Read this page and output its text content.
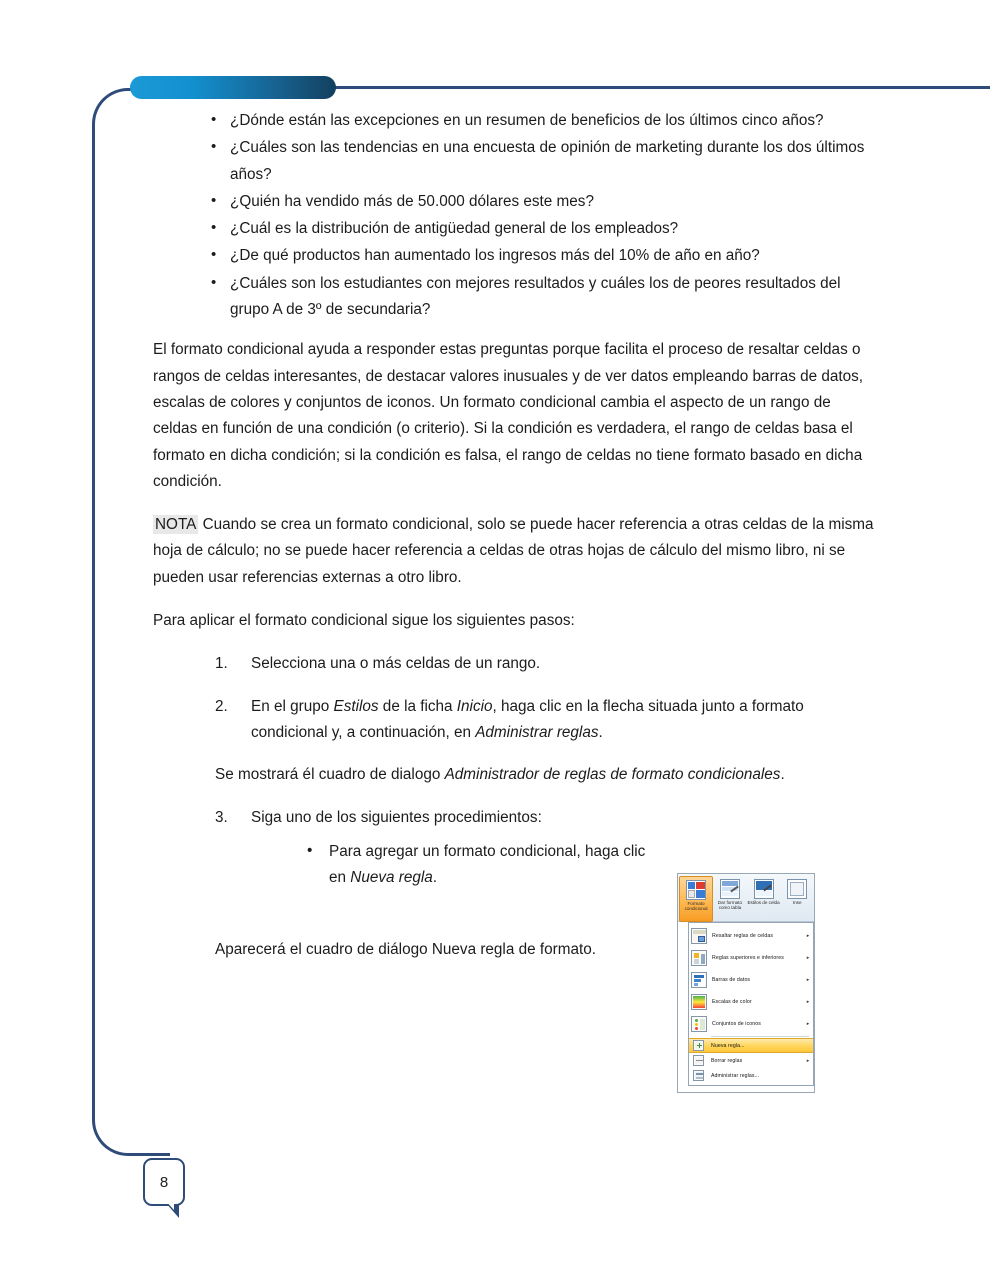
8
• ¿Dónde están las excepciones en un resumen de beneficios de los últimos cinco años?
• ¿Cuáles son las tendencias en una encuesta de opinión de marketing durante los dos últimos años?
• ¿Quién ha vendido más de 50.000 dólares este mes?
• ¿Cuál es la distribución de antigüedad general de los empleados?
• ¿De qué productos han aumentado los ingresos más del 10% de año en año?
• ¿Cuáles son los estudiantes con mejores resultados y cuáles los de peores resultados del grupo A de 3º de secundaria?

El formato condicional ayuda a responder estas preguntas porque facilita el proceso de resaltar celdas o rangos de celdas interesantes, de destacar valores inusuales y de ver datos empleando barras de datos, escalas de colores y conjuntos de iconos. Un formato condicional cambia el aspecto de un rango de celdas en función de una condición (o criterio). Si la condición es verdadera, el rango de celdas basa el formato en dicha condición; si la condición es falsa, el rango de celdas no tiene formato basado en dicha condición.

NOTA Cuando se crea un formato condicional, solo se puede hacer referencia a otras celdas de la misma hoja de cálculo; no se puede hacer referencia a celdas de otras hojas de cálculo del mismo libro, ni se pueden usar referencias externas a otro libro.

Para aplicar el formato condicional sigue los siguientes pasos:

Selecciona una o más celdas de un rango.
En el grupo Estilos de la ficha Inicio, haga clic en la flecha situada junto a formato condicional y, a continuación, en Administrar reglas.

Se mostrará él cuadro de dialogo Administrador de reglas de formato condicionales.

Siga uno de los siguientes procedimientos:
• Para agregar un formato condicional, haga clic en Nueva regla.

Aparecerá el cuadro de diálogo Nueva regla de formato.

Formato condicional
Dar formato como tabla
Estilos de celda	Inse
Resaltar reglas de celdas	▸
Reglas superiores e inferiores	▸
Barras de datos	▸
Escalas de color	▸
Conjuntos de iconos	▸
Nueva regla...
Borrar reglas	▸
Administrar reglas...
